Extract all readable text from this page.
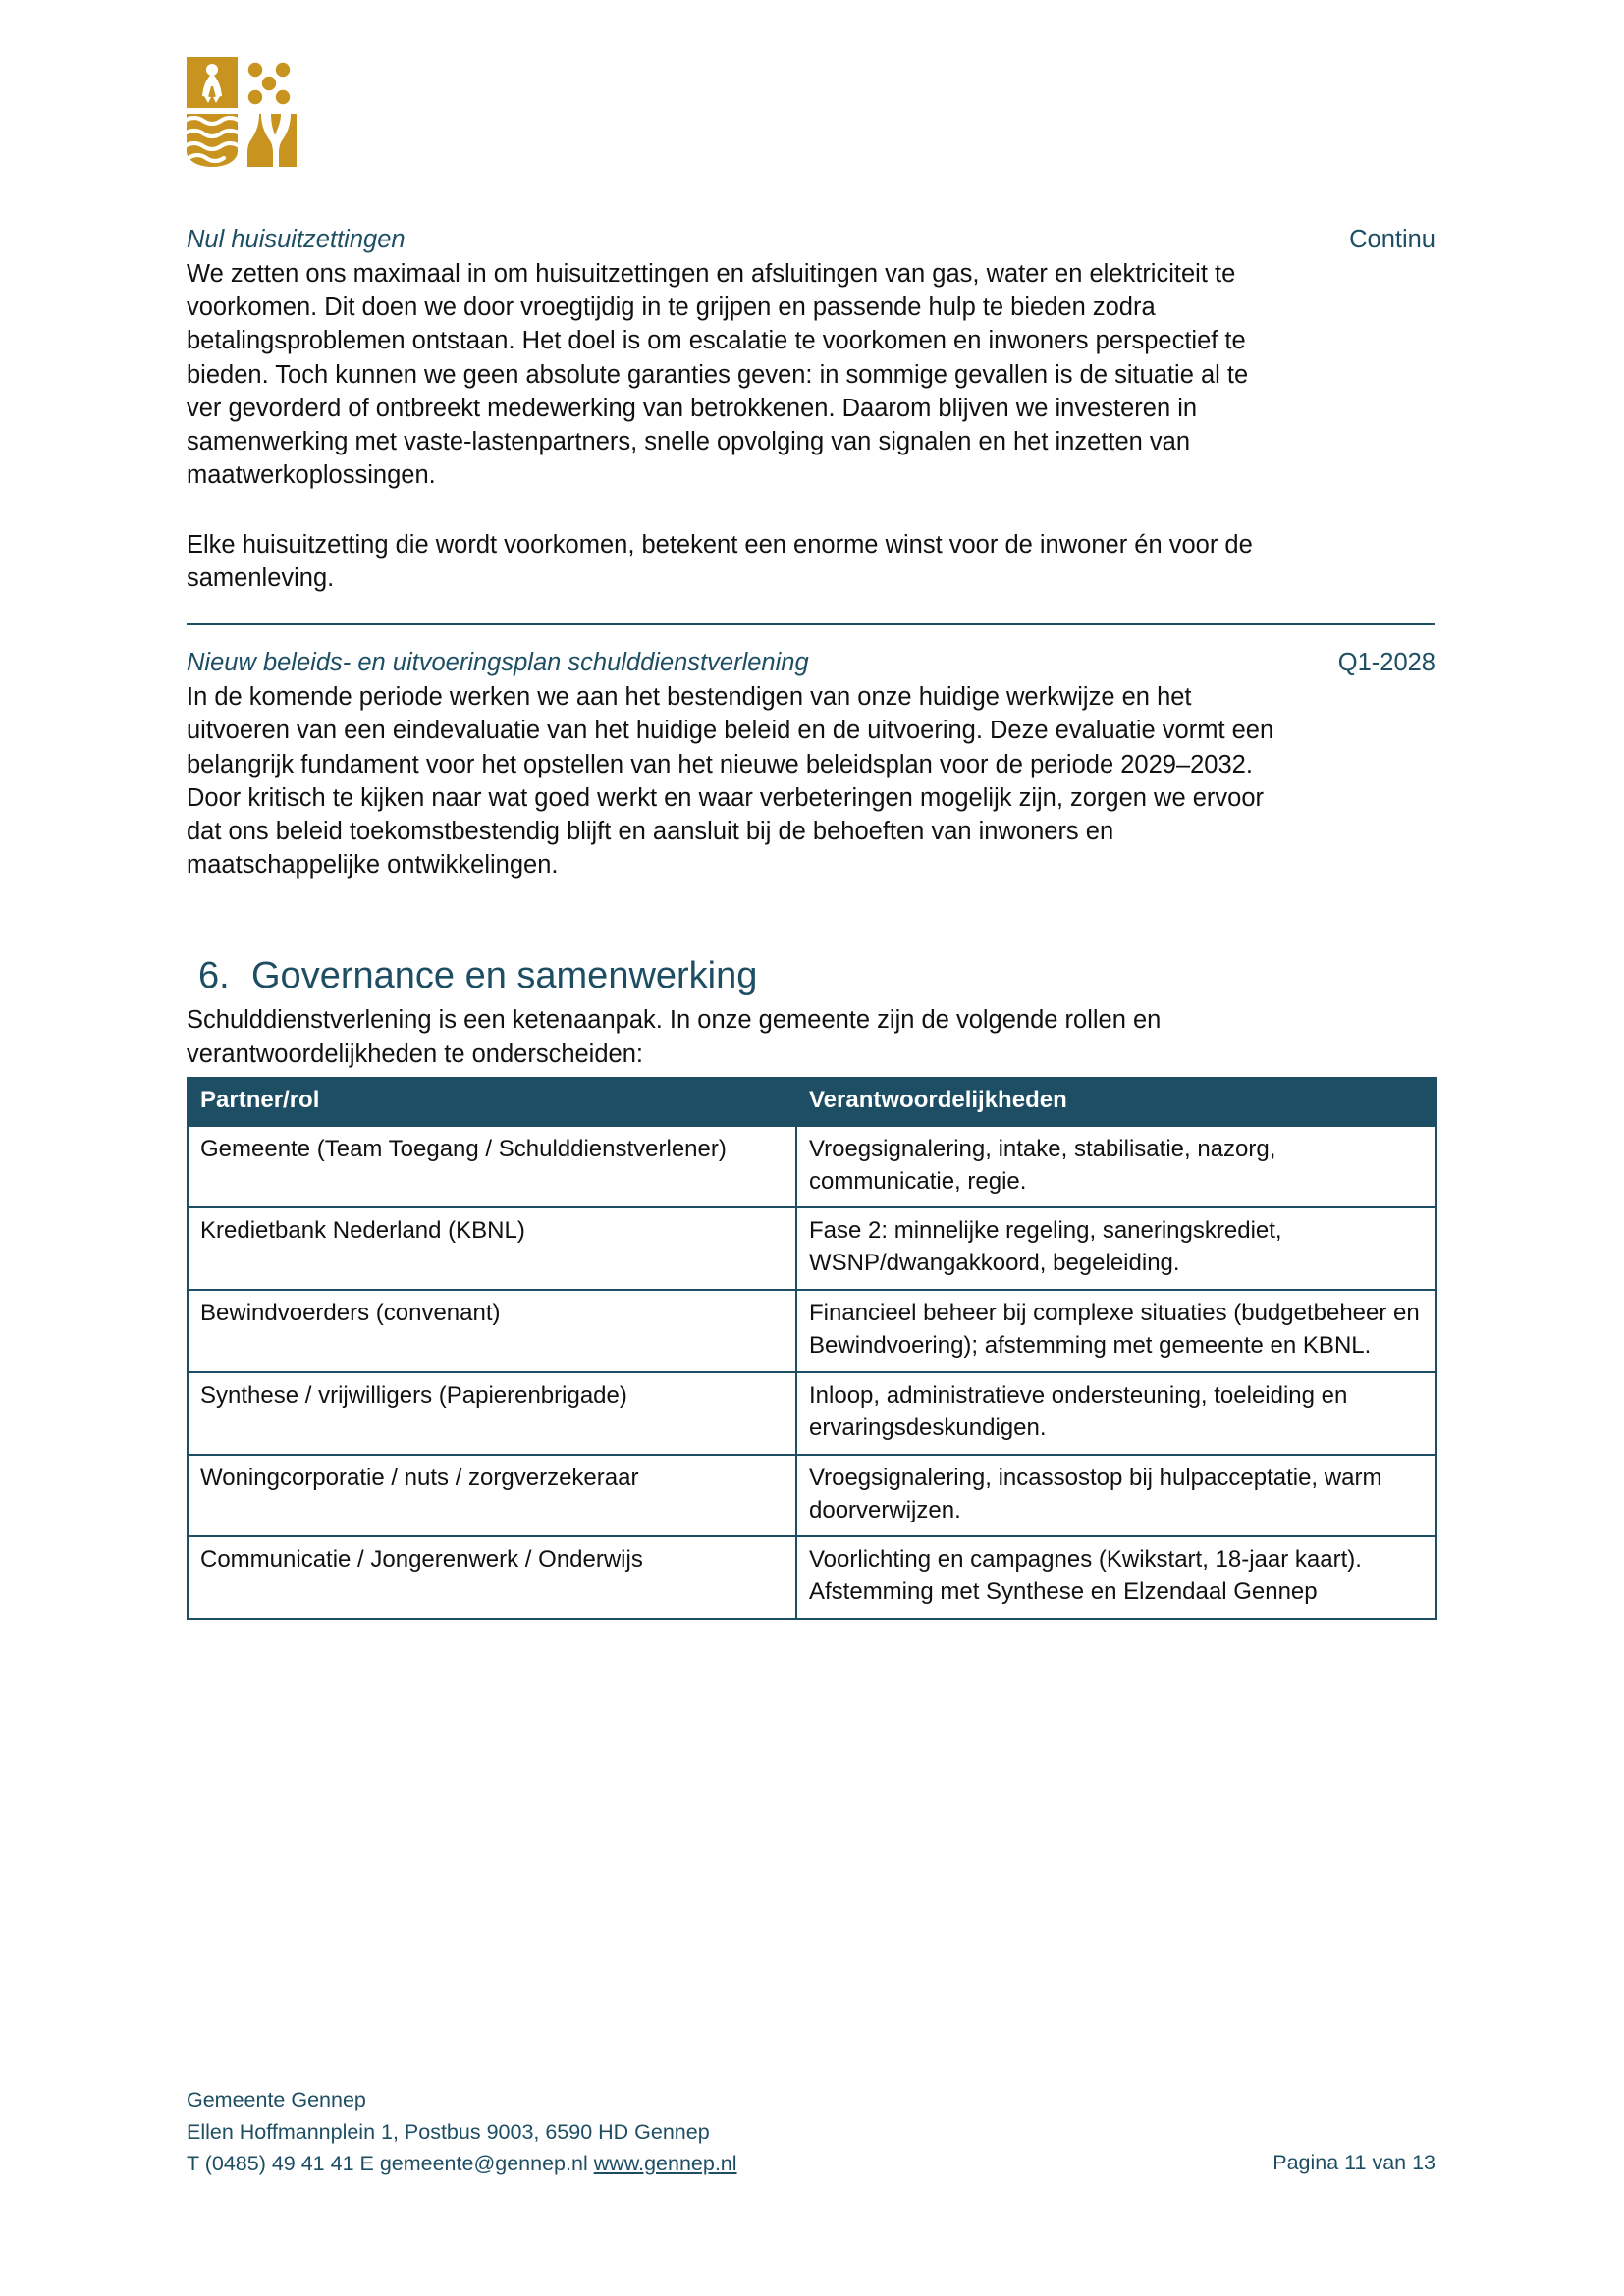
Nul huisuitzettingen	Continu

We zetten ons maximaal in om huisuitzettingen en afsluitingen van gas, water en elektriciteit te voorkomen. Dit doen we door vroegtijdig in te grijpen en passende hulp te bieden zodra betalingsproblemen ontstaan. Het doel is om escalatie te voorkomen en inwoners perspectief te bieden. Toch kunnen we geen absolute garanties geven: in sommige gevallen is de situatie al te ver gevorderd of ontbreekt medewerking van betrokkenen. Daarom blijven we investeren in samenwerking met vaste-lastenpartners, snelle opvolging van signalen en het inzetten van maatwerkoplossingen.

Elke huisuitzetting die wordt voorkomen, betekent een enorme winst voor de inwoner én voor de samenleving.

Nieuw beleids- en uitvoeringsplan schulddienstverlening	Q1-2028

In de komende periode werken we aan het bestendigen van onze huidige werkwijze en het uitvoeren van een eindevaluatie van het huidige beleid en de uitvoering. Deze evaluatie vormt een belangrijk fundament voor het opstellen van het nieuwe beleidsplan voor de periode 2029–2032. Door kritisch te kijken naar wat goed werkt en waar verbeteringen mogelijk zijn, zorgen we ervoor dat ons beleid toekomstbestendig blijft en aansluit bij de behoeften van inwoners en maatschappelijke ontwikkelingen.

6. Governance en samenwerking

Schulddienstverlening is een ketenaanpak. In onze gemeente zijn de volgende rollen en verantwoordelijkheden te onderscheiden:

Partner/rol	Verantwoordelijkheden
Gemeente (Team Toegang / Schulddienstverlener)	Vroegsignalering, intake, stabilisatie, nazorg, communicatie, regie.
Kredietbank Nederland (KBNL)	Fase 2: minnelijke regeling, saneringskrediet, WSNP/dwangakkoord, begeleiding.
Bewindvoerders (convenant)	Financieel beheer bij complexe situaties (budgetbeheer en Bewindvoering); afstemming met gemeente en KBNL.
Synthese / vrijwilligers (Papierenbrigade)	Inloop, administratieve ondersteuning, toeleiding en ervaringsdeskundigen.
Woningcorporatie / nuts / zorgverzekeraar	Vroegsignalering, incassostop bij hulpacceptatie, warm doorverwijzen.
Communicatie / Jongerenwerk / Onderwijs	Voorlichting en campagnes (Kwikstart, 18-jaar kaart). Afstemming met Synthese en Elzendaal Gennep
Gemeente Gennep
Ellen Hoffmannplein 1, Postbus 9003, 6590 HD Gennep
T (0485) 49 41 41 E gemeente@gennep.nl www.gennep.nl	Pagina 11 van 13
